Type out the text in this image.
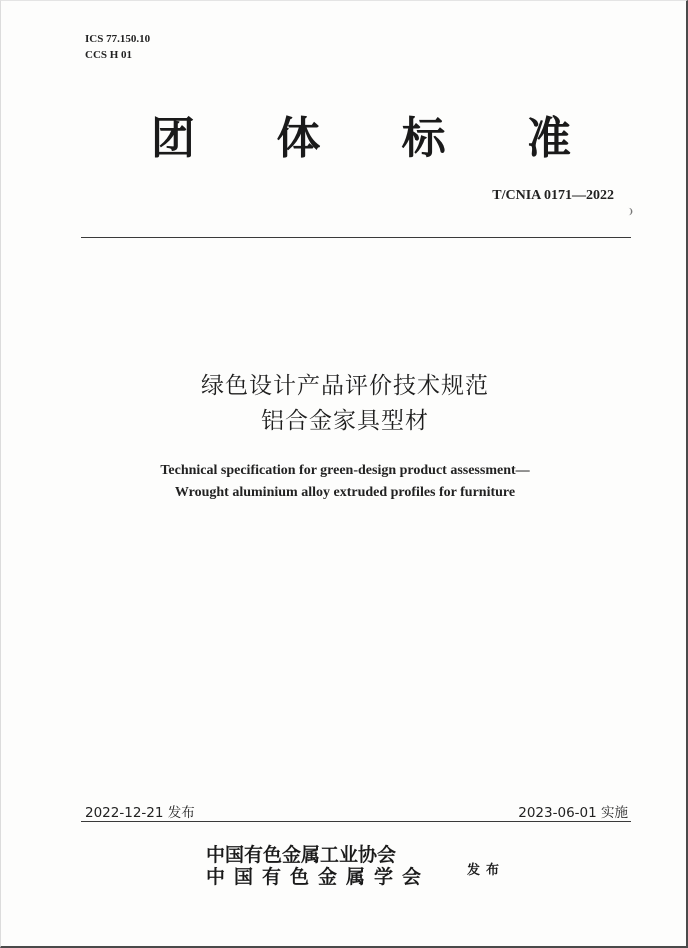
ICS 77.150.10
CCS H 01
团 体 标 准
T/CNIA 0171—2022
❩
绿色设计产品评价技术规范
铝合金家具型材
Technical specification for green-design product assessment—
Wrought aluminium alloy extruded profiles for furniture
2022-12-21 发布	2023-06-01 实施
中国有色金属工业协会
中国有色金属学会	发布
